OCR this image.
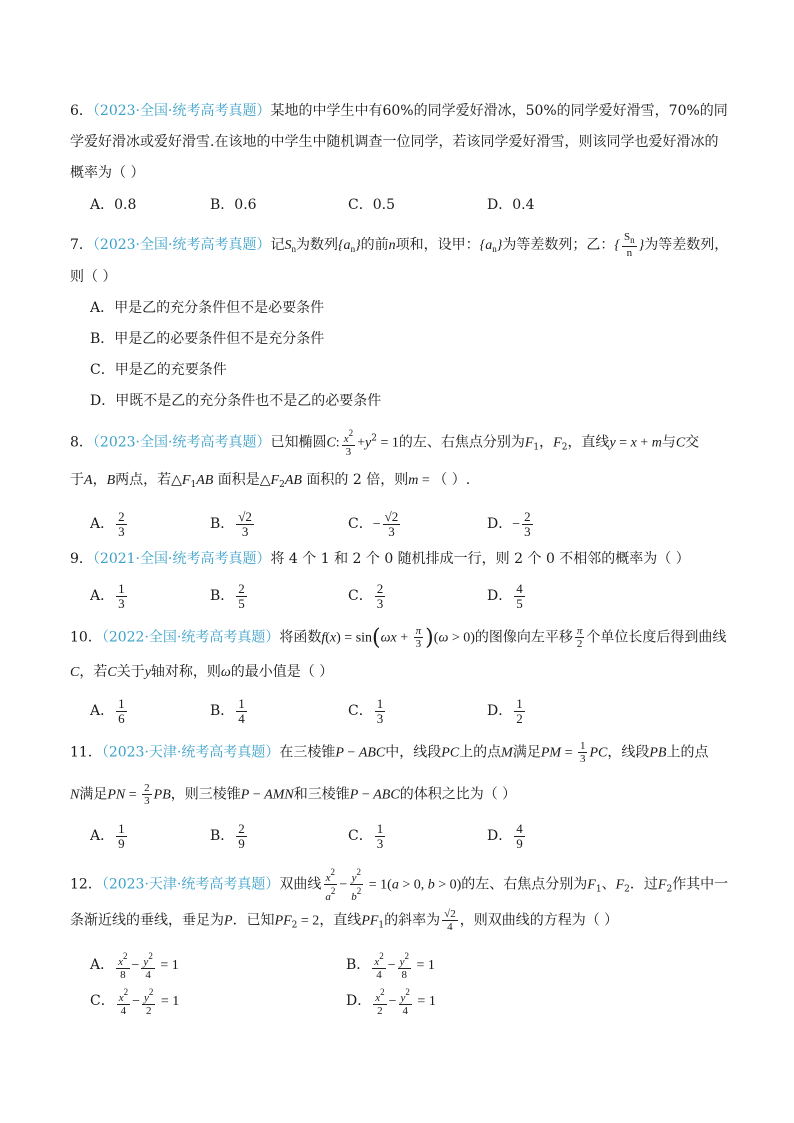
6．（2023·全国·统考高考真题）某地的中学生中有60%的同学爱好滑冰，50%的同学爱好滑雪，70%的同
学爱好滑冰或爱好滑雪.在该地的中学生中随机调查一位同学，若该同学爱好滑雪，则该同学也爱好滑冰的
概率为（ ）
A．0.8	B．0.6	C．0.5	D．0.4
7．（2023·全国·统考高考真题）记$S_n$为数列$\{a_n\}$的前n项和，设甲：$\{a_n\}$为等差数列；乙：{ $\frac{S_n}{n}$ }为等差数列，
则（ ）
A．甲是乙的充分条件但不是必要条件
B．甲是乙的必要条件但不是充分条件
C．甲是乙的充要条件
D．甲既不是乙的充分条件也不是乙的必要条件
8．（2023·全国·统考高考真题）已知椭圆C: $\frac{x^2}{3} +y^2 = 1$的左、右焦点分别为$F_1$，$F_2$，直线y = x + m与C交
于A，B两点，若$\triangle F_1AB$ 面积是$\triangle F_2AB$ 面积的 2 倍，则m = （ ）.
A． $\frac{2}{3}$	B． $\frac{√2}{3}$	C．− $\frac{√2}{3}$	D．− $\frac{2}{3}$
9．（2021·全国·统考高考真题）将 4 个 1 和 2 个 0 随机排成一行，则 2 个 0 不相邻的概率为（ ）
A． $\frac{1}{3}$	B． $\frac{2}{5}$	C． $\frac{2}{3}$	D． $\frac{4}{5}$
10．（2022·全国·统考高考真题）将函数$f(x) = \sin(\omega x + \frac{\pi}{3} )(\omega > 0)$的图像向左平移 $\frac{\pi}{2}$ 个单位长度后得到曲线
C，若C关于y轴对称，则ω的最小值是（ ）
A． $\frac{1}{6}$	B． $\frac{1}{4}$	C． $\frac{1}{3}$	D． $\frac{1}{2}$
11．（2023·天津·统考高考真题）在三棱锥P − ABC中，线段PC上的点M满足PM = $\frac{1}{3}$ PC，线段PB上的点
N满足PN = $\frac{2}{3}$ PB，则三棱锥P − AMN和三棱锥P − ABC的体积之比为（ ）
A． $\frac{1}{9}$	B． $\frac{2}{9}$	C． $\frac{1}{3}$	D． $\frac{4}{9}$
12．（2023·天津·统考高考真题）双曲线 $\frac{x^2}{a^2} - \frac{y^2}{b^2} = 1(a > 0$, b > 0)的左、右焦点分别为$F_1$、$F_2$．过$F_2$作其中一
条渐近线的垂线，垂足为P．已知$PF_2 = 2$，直线$PF_1$的斜率为 $\frac{√2}{4}$ ，则双曲线的方程为（ ）
A． $\frac{x^2}{8} - \frac{y^2}{4} = 1$	B． $\frac{x^2}{4} - \frac{y^2}{8} = 1$
C． $\frac{x^2}{4} - \frac{y^2}{2} = 1$	D． $\frac{x^2}{2} - \frac{y^2}{4} = 1$
